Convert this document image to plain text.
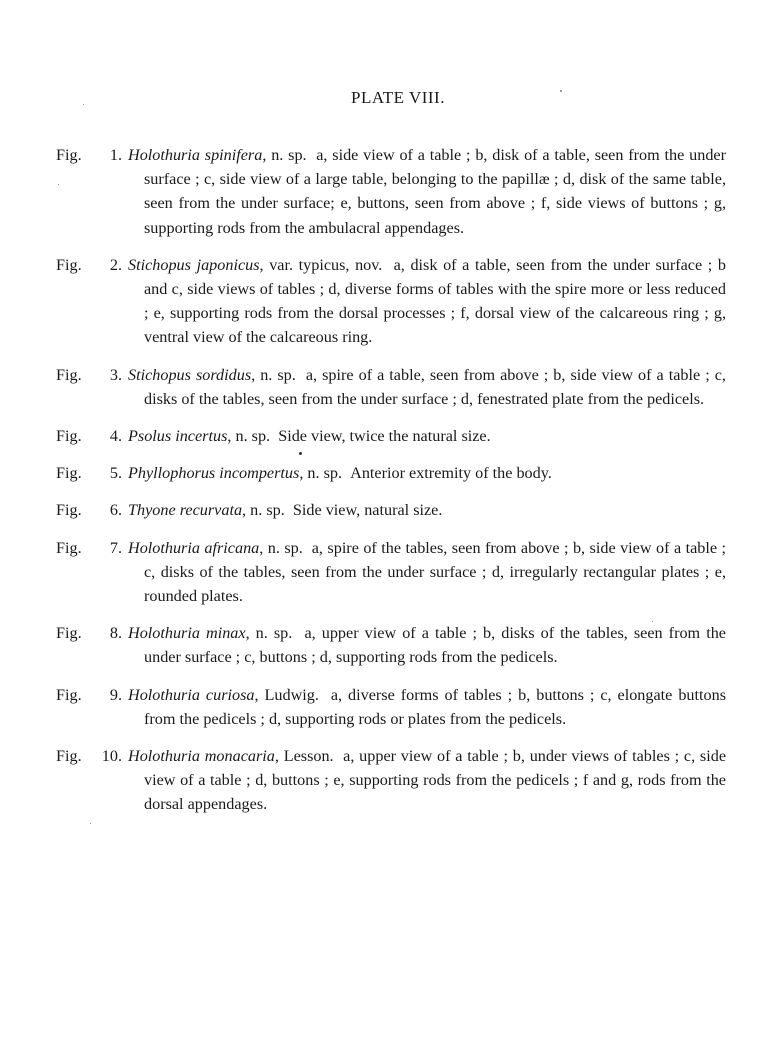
PLATE VIII.
Fig. 1. Holothuria spinifera, n. sp. a, side view of a table ; b, disk of a table, seen from the under surface ; c, side view of a large table, belonging to the papillæ ; d, disk of the same table, seen from the under surface; e, buttons, seen from above ; f, side views of buttons ; g, supporting rods from the ambulacral appendages.
Fig. 2. Stichopus japonicus, var. typicus, nov. a, disk of a table, seen from the under surface ; b and c, side views of tables ; d, diverse forms of tables with the spire more or less reduced ; e, supporting rods from the dorsal processes ; f, dorsal view of the calcareous ring ; g, ventral view of the calcareous ring.
Fig. 3. Stichopus sordidus, n. sp. a, spire of a table, seen from above ; b, side view of a table ; c, disks of the tables, seen from the under surface ; d, fenestrated plate from the pedicels.
Fig. 4. Psolus incertus, n. sp. Side view, twice the natural size.
Fig. 5. Phyllophorus incompertus, n. sp. Anterior extremity of the body.
Fig. 6. Thyone recurvata, n. sp. Side view, natural size.
Fig. 7. Holothuria africana, n. sp. a, spire of the tables, seen from above ; b, side view of a table ; c, disks of the tables, seen from the under surface ; d, irregularly rectangular plates ; e, rounded plates.
Fig. 8. Holothuria minax, n. sp. a, upper view of a table ; b, disks of the tables, seen from the under surface ; c, buttons ; d, supporting rods from the pedicels.
Fig. 9. Holothuria curiosa, Ludwig. a, diverse forms of tables ; b, buttons ; c, elongate buttons from the pedicels ; d, supporting rods or plates from the pedicels.
Fig. 10. Holothuria monacaria, Lesson. a, upper view of a table ; b, under views of tables ; c, side view of a table ; d, buttons ; e, supporting rods from the pedicels ; f and g, rods from the dorsal appendages.
